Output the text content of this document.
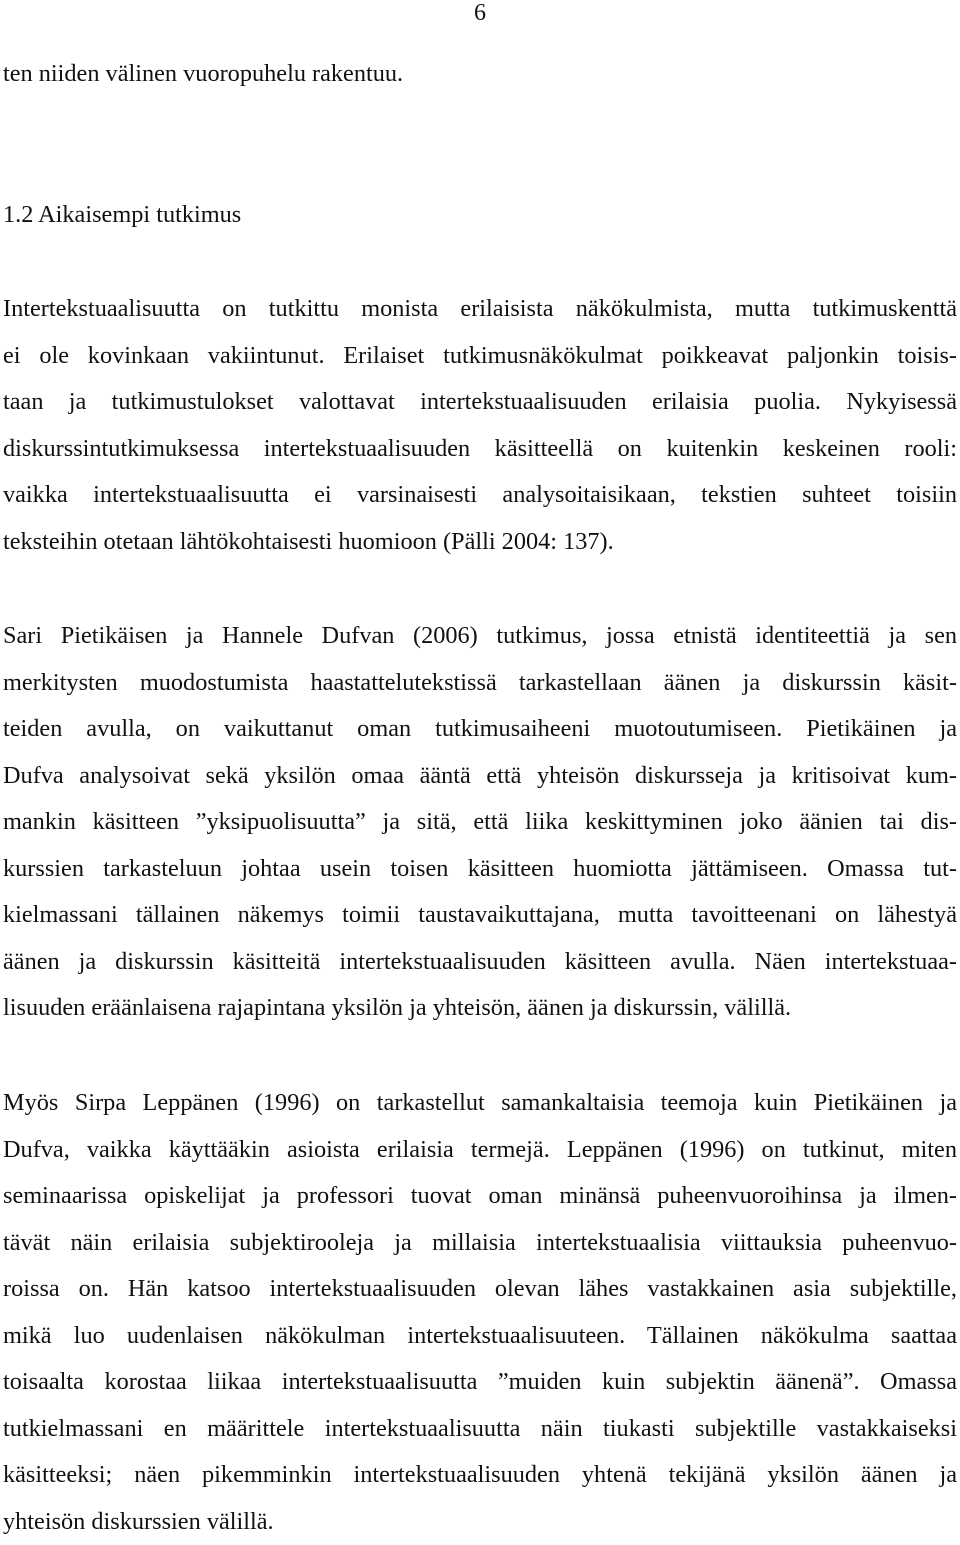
6
ten niiden välinen vuoropuhelu rakentuu.
1.2 Aikaisempi tutkimus
Intertekstuaalisuutta on tutkittu monista erilaisista näkökulmista, mutta tutkimuskenttä
ei ole kovinkaan vakiintunut. Erilaiset tutkimusnäkökulmat poikkeavat paljonkin toisis-
taan ja tutkimustulokset valottavat intertekstuaalisuuden erilaisia puolia. Nykyisessä
diskurssintutkimuksessa intertekstuaalisuuden käsitteellä on kuitenkin keskeinen rooli:
vaikka intertekstuaalisuutta ei varsinaisesti analysoitaisikaan, tekstien suhteet toisiin
teksteihin otetaan lähtökohtaisesti huomioon (Pälli 2004: 137).
Sari Pietikäisen ja Hannele Dufvan (2006) tutkimus, jossa etnistä identiteettiä ja sen
merkitysten muodostumista haastattelutekstissä tarkastellaan äänen ja diskurssin käsit-
teiden avulla, on vaikuttanut oman tutkimusaiheeni muotoutumiseen. Pietikäinen ja
Dufva analysoivat sekä yksilön omaa ääntä että yhteisön diskursseja ja kritisoivat kum-
mankin käsitteen ”yksipuolisuutta” ja sitä, että liika keskittyminen joko äänien tai dis-
kurssien tarkasteluun johtaa usein toisen käsitteen huomiotta jättämiseen. Omassa tut-
kielmassani tällainen näkemys toimii taustavaikuttajana, mutta tavoitteenani on lähestyä
äänen ja diskurssin käsitteitä intertekstuaalisuuden käsitteen avulla. Näen intertekstuaa-
lisuuden eräänlaisena rajapintana yksilön ja yhteisön, äänen ja diskurssin, välillä.
Myös Sirpa Leppänen (1996) on tarkastellut samankaltaisia teemoja kuin Pietikäinen ja
Dufva, vaikka käyttääkin asioista erilaisia termejä. Leppänen (1996) on tutkinut, miten
seminaarissa opiskelijat ja professori tuovat oman minänsä puheenvuoroihinsa ja ilmen-
tävät näin erilaisia subjektirooleja ja millaisia intertekstuaalisia viittauksia puheenvuo-
roissa on. Hän katsoo intertekstuaalisuuden olevan lähes vastakkainen asia subjektille,
mikä luo uudenlaisen näkökulman intertekstuaalisuuteen. Tällainen näkökulma saattaa
toisaalta korostaa liikaa intertekstuaalisuutta ”muiden kuin subjektin äänenä”. Omassa
tutkielmassani en määrittele intertekstuaalisuutta näin tiukasti subjektille vastakkaiseksi
käsitteeksi; näen pikemminkin intertekstuaalisuuden yhtenä tekijänä yksilön äänen ja
yhteisön diskurssien välillä.
